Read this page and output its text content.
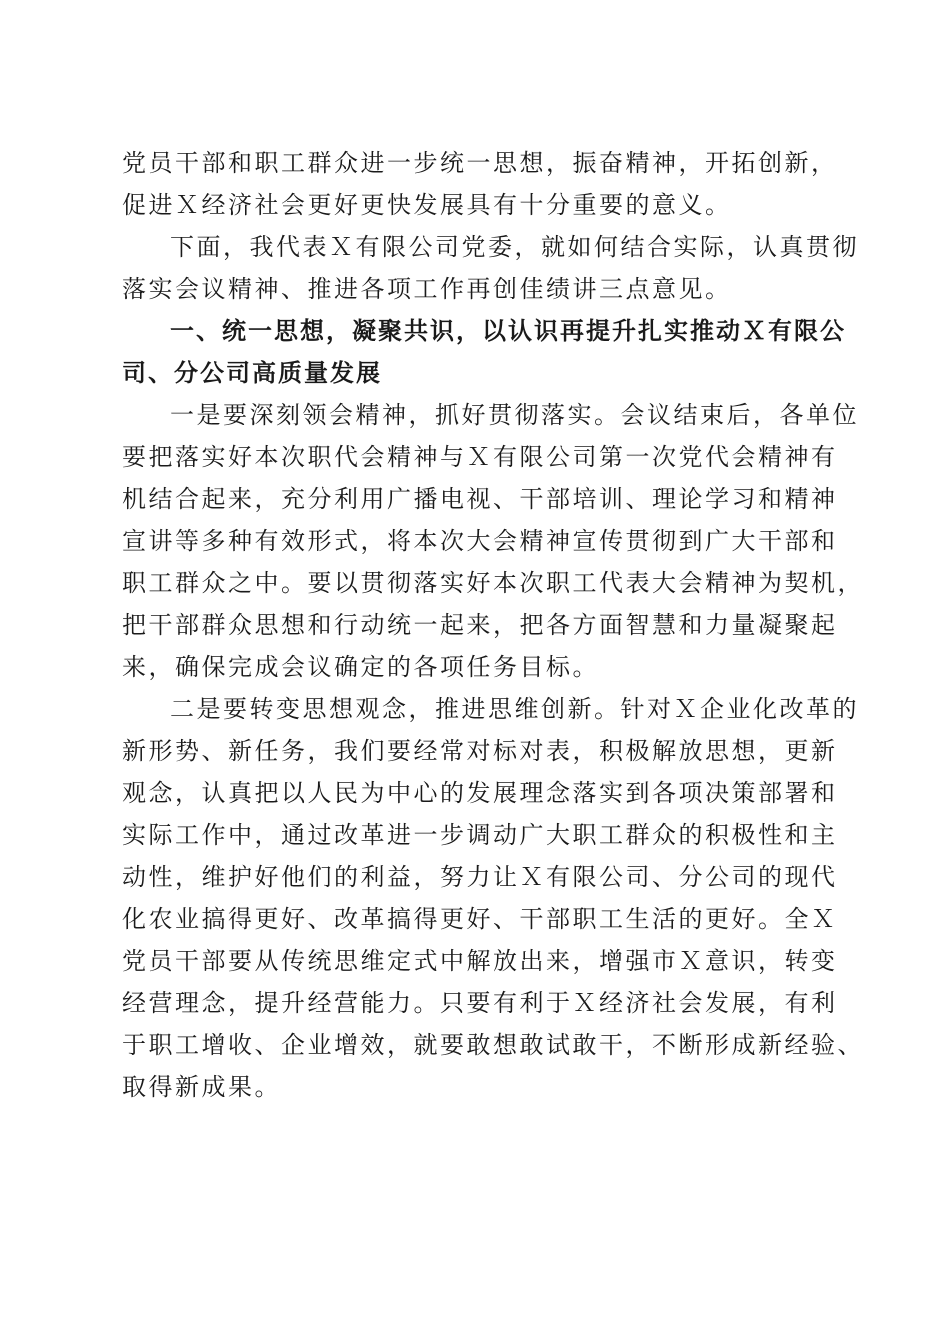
党员干部和职工群众进一步统一思想，振奋精神，开拓创新，
促进Ｘ经济社会更好更快发展具有十分重要的意义。
下面，我代表Ｘ有限公司党委，就如何结合实际，认真贯彻
落实会议精神、推进各项工作再创佳绩讲三点意见。
一、统一思想，凝聚共识，以认识再提升扎实推动Ｘ有限公
司、分公司高质量发展
一是要深刻领会精神，抓好贯彻落实。会议结束后，各单位
要把落实好本次职代会精神与Ｘ有限公司第一次党代会精神有
机结合起来，充分利用广播电视、干部培训、理论学习和精神
宣讲等多种有效形式，将本次大会精神宣传贯彻到广大干部和
职工群众之中。要以贯彻落实好本次职工代表大会精神为契机，
把干部群众思想和行动统一起来，把各方面智慧和力量凝聚起
来，确保完成会议确定的各项任务目标。
二是要转变思想观念，推进思维创新。针对Ｘ企业化改革的
新形势、新任务，我们要经常对标对表，积极解放思想，更新
观念，认真把以人民为中心的发展理念落实到各项决策部署和
实际工作中，通过改革进一步调动广大职工群众的积极性和主
动性，维护好他们的利益，努力让Ｘ有限公司、分公司的现代
化农业搞得更好、改革搞得更好、干部职工生活的更好。全Ｘ
党员干部要从传统思维定式中解放出来，增强市Ｘ意识，转变
经营理念，提升经营能力。只要有利于Ｘ经济社会发展，有利
于职工增收、企业增效，就要敢想敢试敢干，不断形成新经验、
取得新成果。
